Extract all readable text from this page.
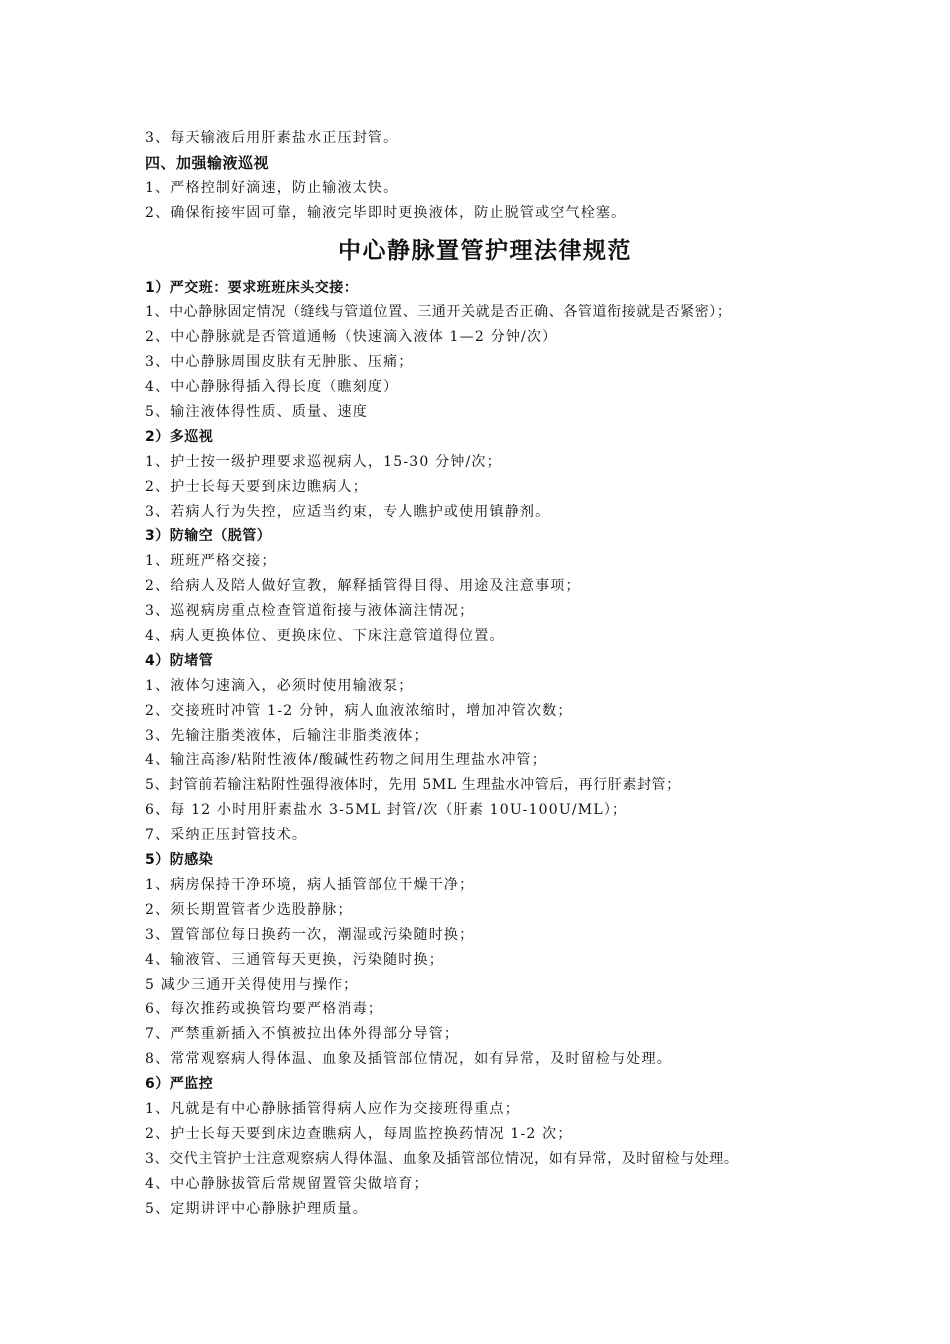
3、每天输液后用肝素盐水正压封管。
四、加强输液巡视
1、严格控制好滴速，防止输液太快。
2、确保衔接牢固可靠，输液完毕即时更换液体，防止脱管或空气栓塞。
中心静脉置管护理法律规范
1）严交班：要求班班床头交接：
1、中心静脉固定情况（缝线与管道位置、三通开关就是否正确、各管道衔接就是否紧密）；
2、中心静脉就是否管道通畅（快速滴入液体 1—2 分钟/次）
3、中心静脉周围皮肤有无肿胀、压痛；
4、中心静脉得插入得长度（瞧刻度）
5、输注液体得性质、质量、速度
2）多巡视
1、护士按一级护理要求巡视病人，15-30 分钟/次；
2、护士长每天要到床边瞧病人；
3、若病人行为失控，应适当约束，专人瞧护或使用镇静剂。
3）防输空（脱管）
1、班班严格交接；
2、给病人及陪人做好宣教，解释插管得目得、用途及注意事项；
3、巡视病房重点检查管道衔接与液体滴注情况；
4、病人更换体位、更换床位、下床注意管道得位置。
4）防堵管
1、液体匀速滴入，必须时使用输液泵；
2、交接班时冲管 1-2 分钟，病人血液浓缩时，增加冲管次数；
3、先输注脂类液体，后输注非脂类液体；
4、输注高渗/粘附性液体/酸碱性药物之间用生理盐水冲管；
5、封管前若输注粘附性强得液体时，先用 5ML 生理盐水冲管后，再行肝素封管；
6、每 12 小时用肝素盐水 3-5ML 封管/次（肝素 10U-100U/ML）；
7、采纳正压封管技术。
5）防感染
1、病房保持干净环境，病人插管部位干燥干净；
2、须长期置管者少选股静脉；
3、置管部位每日换药一次，潮湿或污染随时换；
4、输液管、三通管每天更换，污染随时换；
5 减少三通开关得使用与操作；
6、每次推药或换管均要严格消毒；
7、严禁重新插入不慎被拉出体外得部分导管；
8、常常观察病人得体温、血象及插管部位情况，如有异常，及时留检与处理。
6）严监控
1、凡就是有中心静脉插管得病人应作为交接班得重点；
2、护士长每天要到床边查瞧病人，每周监控换药情况 1-2 次；
3、交代主管护士注意观察病人得体温、血象及插管部位情况，如有异常，及时留检与处理。
4、中心静脉拔管后常规留置管尖做培育；
5、定期讲评中心静脉护理质量。
